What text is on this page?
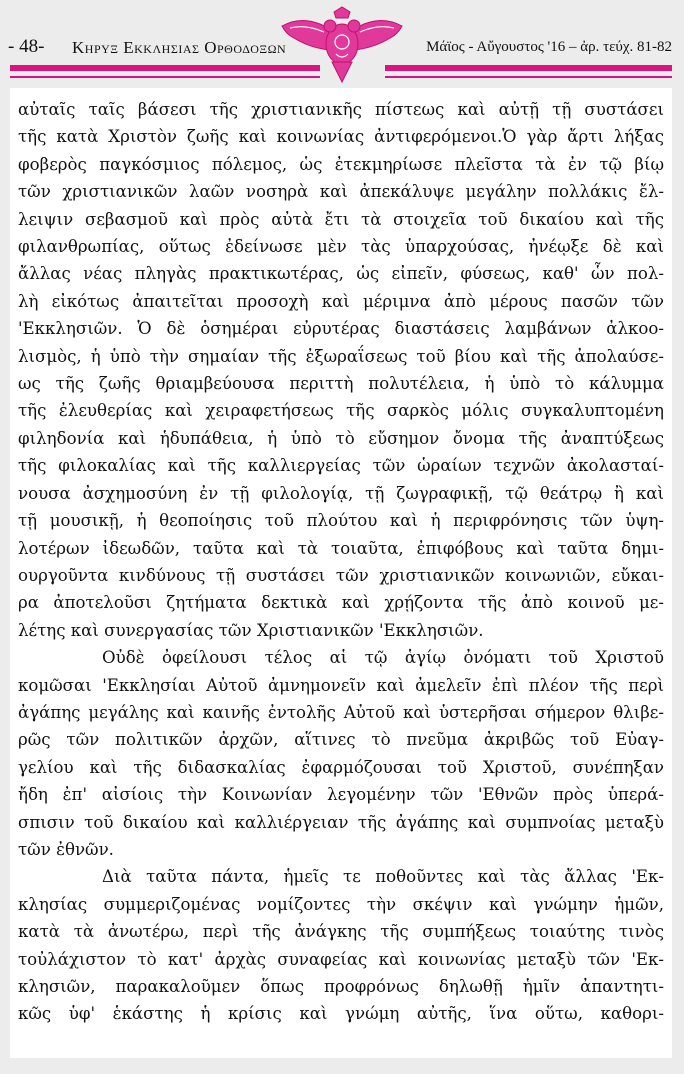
- 48- Κηρυξ Εκκλησιας Ορθοδοξων	Μάϊος - Αὔγουστος '16 – ἀρ. τεύχ. 81-82
αὐταῖς ταῖς βάσεσι τῆς χριστιανικῆς πίστεως καὶ αὐτῇ τῇ συστάσει
τῆς κατὰ Χριστὸν ζωῆς καὶ κοινωνίας ἀντιφερόμενοι.Ὁ γὰρ ἄρτι λήξας
φοβερὸς παγκόσμιος πόλεμος, ὡς ἐτεκμηρίωσε πλεῖστα τὰ ἐν τῷ βίῳ
τῶν χριστιανικῶν λαῶν νοσηρὰ καὶ ἀπεκάλυψε μεγάλην πολλάκις ἔλ-
λειψιν σεβασμοῦ καὶ πρὸς αὐτὰ ἔτι τὰ στοιχεῖα τοῦ δικαίου καὶ τῆς
φιλανθρωπίας, οὕτως ἐδείνωσε μὲν τὰς ὑπαρχούσας, ἠνέῳξε δὲ καὶ
ἄλλας νέας πληγὰς πρακτικωτέρας, ὡς εἰπεῖν, φύσεως, καθ' ὧν πολ-
λὴ εἰκότως ἀπαιτεῖται προσοχὴ καὶ μέριμνα ἀπὸ μέρους πασῶν τῶν
'Εκκλησιῶν. Ὁ δὲ ὁσημέραι εὐρυτέρας διαστάσεις λαμβάνων ἀλκοο-
λισμὸς, ἡ ὑπὸ τὴν σημαίαν τῆς ἐξωραΐσεως τοῦ βίου καὶ τῆς ἀπολαύσε-
ως τῆς ζωῆς θριαμβεύουσα περιττὴ πολυτέλεια, ἡ ὑπὸ τὸ κάλυμμα
τῆς ἐλευθερίας καὶ χειραφετήσεως τῆς σαρκὸς μόλις συγκαλυπτομένη
φιληδονία καὶ ἡδυπάθεια, ἡ ὑπὸ τὸ εὔσημον ὄνομα τῆς ἀναπτύξεως
τῆς φιλοκαλίας καὶ τῆς καλλιεργείας τῶν ὡραίων τεχνῶν ἀκολασταί-
νουσα ἀσχημοσύνη ἐν τῇ φιλολογίᾳ, τῇ ζωγραφικῇ, τῷ θεάτρῳ ἢ καὶ
τῇ μουσικῇ, ἡ θεοποίησις τοῦ πλούτου καὶ ἡ περιφρόνησις τῶν ὑψη-
λοτέρων ἰδεωδῶν, ταῦτα καὶ τὰ τοιαῦτα, ἐπιφόβους καὶ ταῦτα δημι-
ουργοῦντα κινδύνους τῇ συστάσει τῶν χριστιανικῶν κοινωνιῶν, εὔκαι-
ρα ἀποτελοῦσι ζητήματα δεκτικὰ καὶ χρῄζοντα τῆς ἀπὸ κοινοῦ με-
λέτης καὶ συνεργασίας τῶν Χριστιανικῶν 'Εκκλησιῶν.
Οὐδὲ ὀφείλουσι τέλος αἱ τῷ ἁγίῳ ὀνόματι τοῦ Χριστοῦ
κομῶσαι 'Εκκλησίαι Αὐτοῦ ἀμνημονεῖν καὶ ἀμελεῖν ἐπὶ πλέον τῆς περὶ
ἀγάπης μεγάλης καὶ καινῆς ἐντολῆς Αὐτοῦ καὶ ὑστερῆσαι σήμερον θλιβε-
ρῶς τῶν πολιτικῶν ἀρχῶν, αἵτινες τὸ πνεῦμα ἀκριβῶς τοῦ Εὐαγ-
γελίου καὶ τῆς διδασκαλίας ἐφαρμόζουσαι τοῦ Χριστοῦ, συνέπηξαν
ἤδη ἐπ' αἰσίοις τὴν Κοινωνίαν λεγομένην τῶν 'Εθνῶν πρὸς ὑπερά-
σπισιν τοῦ δικαίου καὶ καλλιέργειαν τῆς ἀγάπης καὶ συμπνοίας μεταξὺ
τῶν ἐθνῶν.
Διὰ ταῦτα πάντα, ἡμεῖς τε ποθοῦντες καὶ τὰς ἄλλας 'Εκ-
κλησίας συμμεριζομένας νομίζοντες τὴν σκέψιν καὶ γνώμην ἡμῶν,
κατὰ τὰ ἀνωτέρω, περὶ τῆς ἀνάγκης τῆς συμπήξεως τοιαύτης τινὸς
τοὐλάχιστον τὸ κατ' ἀρχὰς συναφείας καὶ κοινωνίας μεταξὺ τῶν 'Εκ-
κλησιῶν, παρακαλοῦμεν ὅπως προφρόνως δηλωθῇ ἡμῖν ἀπαντητι-
κῶς ὑφ' ἑκάστης ἡ κρίσις καὶ γνώμη αὐτῆς, ἵνα οὕτω, καθορι-
